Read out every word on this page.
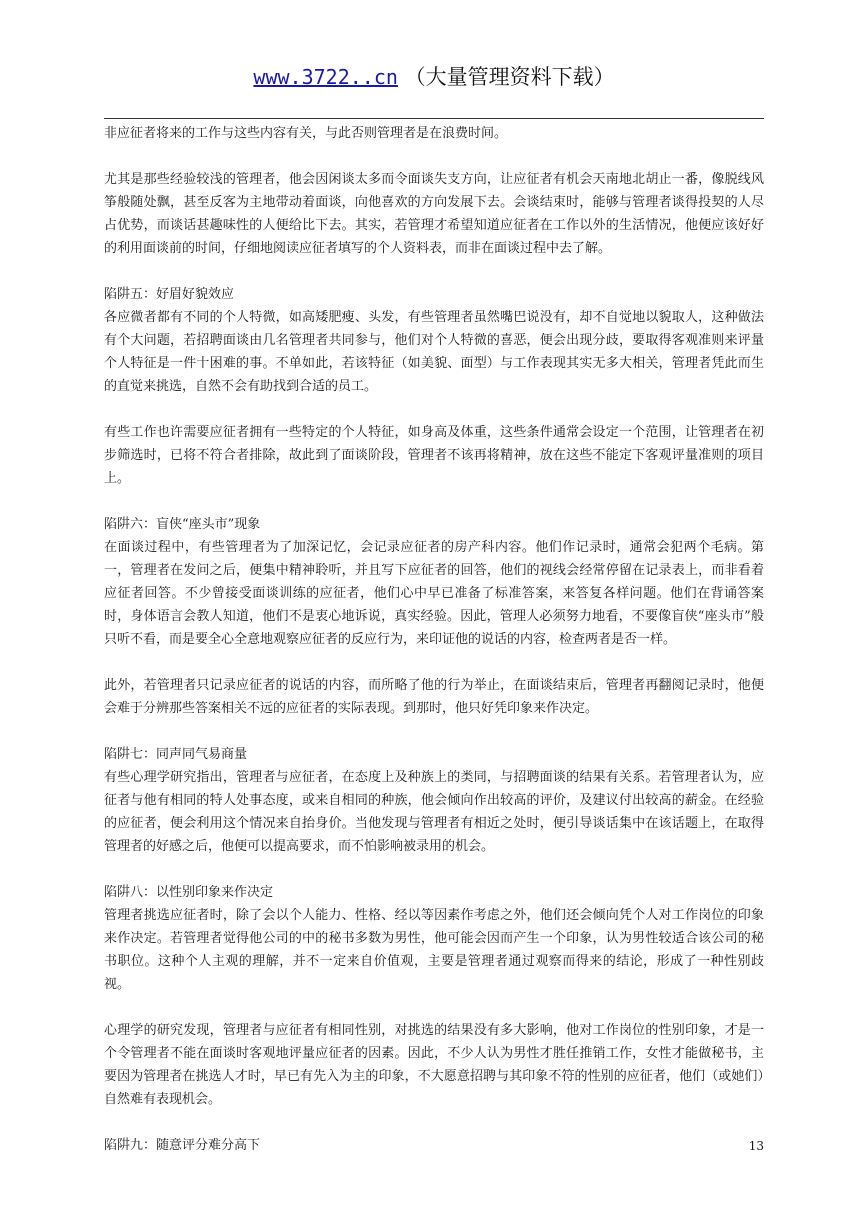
www.3722..cn （大量管理资料下载）

非应征者将来的工作与这些内容有关，与此否则管理者是在浪费时间。

尤其是那些经验较浅的管理者，他会因闲谈太多而令面谈失支方向，让应征者有机会天南地北胡止一番，像脱线风筝般随处飘，甚至反客为主地带动着面谈，向他喜欢的方向发展下去。会谈结束时，能够与管理者谈得投契的人尽占优势，而谈话甚趣味性的人便给比下去。其实，若管理才希望知道应征者在工作以外的生活情况，他便应该好好的利用面谈前的时间，仔细地阅读应征者填写的个人资料表，而非在面谈过程中去了解。

陷阱五：好眉好貌效应

各应微者都有不同的个人特微，如高矮肥瘦、头发，有些管理者虽然嘴巴说没有，却不自觉地以貌取人，这种做法有个大问题，若招聘面谈由几名管理者共同参与，他们对个人特微的喜恶，便会出现分歧，要取得客观准则来评量个人特征是一件十困难的事。不单如此，若该特征（如美貌、面型）与工作表现其实无多大相关，管理者凭此而生的直觉来挑选，自然不会有助找到合适的员工。

有些工作也许需要应征者拥有一些特定的个人特征，如身高及体重，这些条件通常会设定一个范围，让管理者在初步筛选时，已将不符合者排除，故此到了面谈阶段，管理者不该再将精神，放在这些不能定下客观评量准则的项目上。

陷阱六：盲侠“座头市”现象

在面谈过程中，有些管理者为了加深记忆，会记录应征者的房产科内容。他们作记录时，通常会犯两个毛病。第一，管理者在发问之后，便集中精神聆听，并且写下应征者的回答，他们的视线会经常停留在记录表上，而非看着应征者回答。不少曾接受面谈训练的应征者，他们心中早已准备了标准答案，来答复各样问题。他们在背诵答案时，身体语言会教人知道，他们不是衷心地诉说，真实经验。因此，管理人必须努力地看，不要像盲侠“座头市”般只听不看，而是要全心全意地观察应征者的反应行为，来印证他的说话的内容，检查两者是否一样。

此外，若管理者只记录应征者的说话的内容，而所略了他的行为举止，在面谈结束后，管理者再翻阅记录时，他便会难于分辨那些答案相关不远的应征者的实际表现。到那时，他只好凭印象来作决定。

陷阱七：同声同气易商量

有些心理学研究指出，管理者与应征者，在态度上及种族上的类同，与招聘面谈的结果有关系。若管理者认为，应征者与他有相同的特人处事态度，或来自相同的种族，他会倾向作出较高的评价，及建议付出较高的薪金。在经验的应征者，便会利用这个情况来自抬身价。当他发现与管理者有相近之处时，便引导谈话集中在该话题上，在取得管理者的好感之后，他便可以提高要求，而不怕影响被录用的机会。

陷阱八：以性别印象来作决定

管理者挑选应征者时，除了会以个人能力、性格、经以等因素作考虑之外，他们还会倾向凭个人对工作岗位的印象来作决定。若管理者觉得他公司的中的秘书多数为男性，他可能会因而产生一个印象，认为男性较适合该公司的秘书职位。这种个人主观的理解，并不一定来自价值观，主要是管理者通过观察而得来的结论，形成了一种性别歧视。

心理学的研究发现，管理者与应征者有相同性别，对挑选的结果没有多大影响，他对工作岗位的性别印象，才是一个令管理者不能在面谈时客观地评量应征者的因素。因此，不少人认为男性才胜任推销工作，女性才能做秘书，主要因为管理者在挑选人才时，早已有先入为主的印象，不大愿意招聘与其印象不符的性别的应征者，他们（或她们）自然难有表现机会。

陷阱九：随意评分难分高下	13
